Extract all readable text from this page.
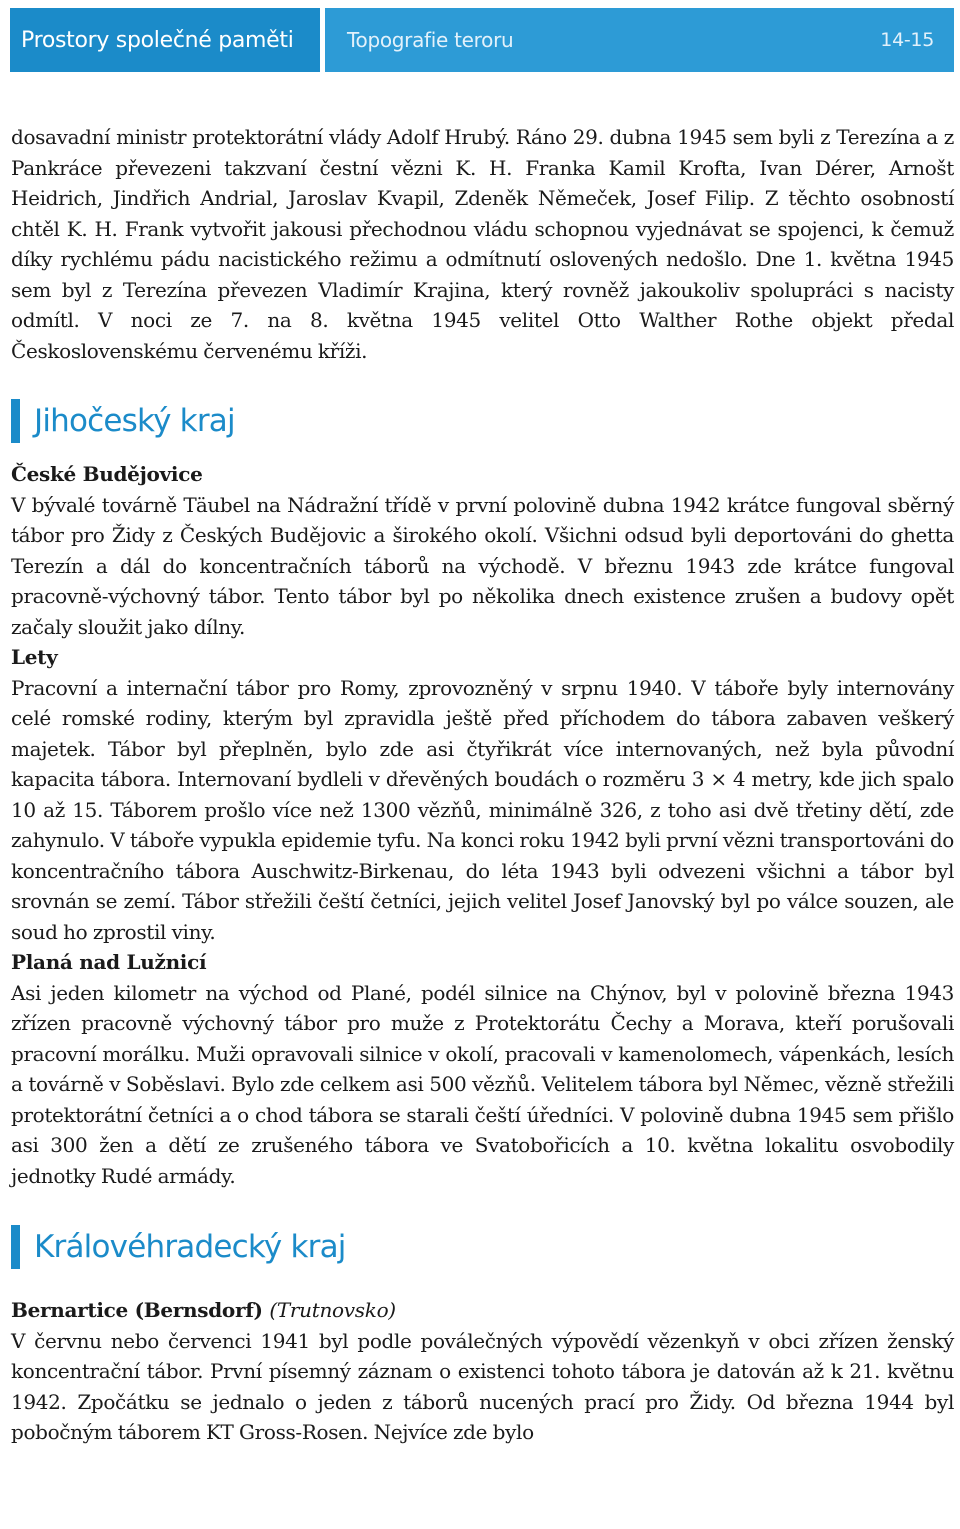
Prostory společné paměti	Topografie teroru	14-15

dosavadní ministr protektorátní vlády Adolf Hrubý. Ráno 29. dubna 1945 sem byli z Terezína a z Pankráce převezeni takzvaní čestní vězni K. H. Franka Kamil Krofta, Ivan Dérer, Arnošt Heidrich, Jindřich Andrial, Jaroslav Kvapil, Zdeněk Němeček, Josef Filip. Z těchto osobností chtěl K. H. Frank vytvořit jakousi přechodnou vládu schopnou vyjednávat se spojenci, k čemuž díky rychlému pádu nacistického režimu a odmítnutí oslovených nedošlo. Dne 1. května 1945 sem byl z Terezína převezen Vladimír Krajina, který rovněž jakoukoliv spolupráci s nacisty odmítl. V noci ze 7. na 8. května 1945 velitel Otto Walther Rothe objekt předal Československému červenému kříži.

Jihočeský kraj
České Budějovice

V bývalé továrně Täubel na Nádražní třídě v první polovině dubna 1942 krátce fungoval sběrný tábor pro Židy z Českých Budějovic a širokého okolí. Všichni odsud byli deportováni do ghetta Terezín a dál do koncentračních táborů na východě. V březnu 1943 zde krátce fungoval pracovně-výchovný tábor. Tento tábor byl po několika dnech existence zrušen a budovy opět začaly sloužit jako dílny.

Lety

Pracovní a internační tábor pro Romy, zprovozněný v srpnu 1940. V táboře byly internovány celé romské rodiny, kterým byl zpravidla ještě před příchodem do tábora zabaven veškerý majetek. Tábor byl přeplněn, bylo zde asi čtyřikrát více internovaných, než byla původní kapacita tábora. Internovaní bydleli v dřevěných boudách o rozměru 3 × 4 metry, kde jich spalo 10 až 15. Táborem prošlo více než 1300 vězňů, minimálně 326, z toho asi dvě třetiny dětí, zde zahynulo. V táboře vypukla epidemie tyfu. Na konci roku 1942 byli první vězni transportováni do koncentračního tábora Auschwitz-Birkenau, do léta 1943 byli odvezeni všichni a tábor byl srovnán se zemí. Tábor střežili čeští četníci, jejich velitel Josef Janovský byl po válce souzen, ale soud ho zprostil viny.

Planá nad Lužnicí

Asi jeden kilometr na východ od Plané, podél silnice na Chýnov, byl v polovině března 1943 zřízen pracovně výchovný tábor pro muže z Protektorátu Čechy a Morava, kteří porušovali pracovní morálku. Muži opravovali silnice v okolí, pracovali v kamenolomech, vápenkách, lesích a továrně v Soběslavi. Bylo zde celkem asi 500 vězňů. Velitelem tábora byl Němec, vězně střežili protektorátní četníci a o chod tábora se starali čeští úředníci. V polovině dubna 1945 sem přišlo asi 300 žen a dětí ze zrušeného tábora ve Svatobořicích a 10. května lokalitu osvobodily jednotky Rudé armády.

Královéhradecký kraj
Bernartice (Bernsdorf) (Trutnovsko)

V červnu nebo červenci 1941 byl podle poválečných výpovědí vězenkyň v obci zřízen ženský koncentrační tábor. První písemný záznam o existenci tohoto tábora je datován až k 21. květnu 1942. Zpočátku se jednalo o jeden z táborů nucených prací pro Židy. Od března 1944 byl pobočným táborem KT Gross-Rosen. Nejvíce zde bylo
